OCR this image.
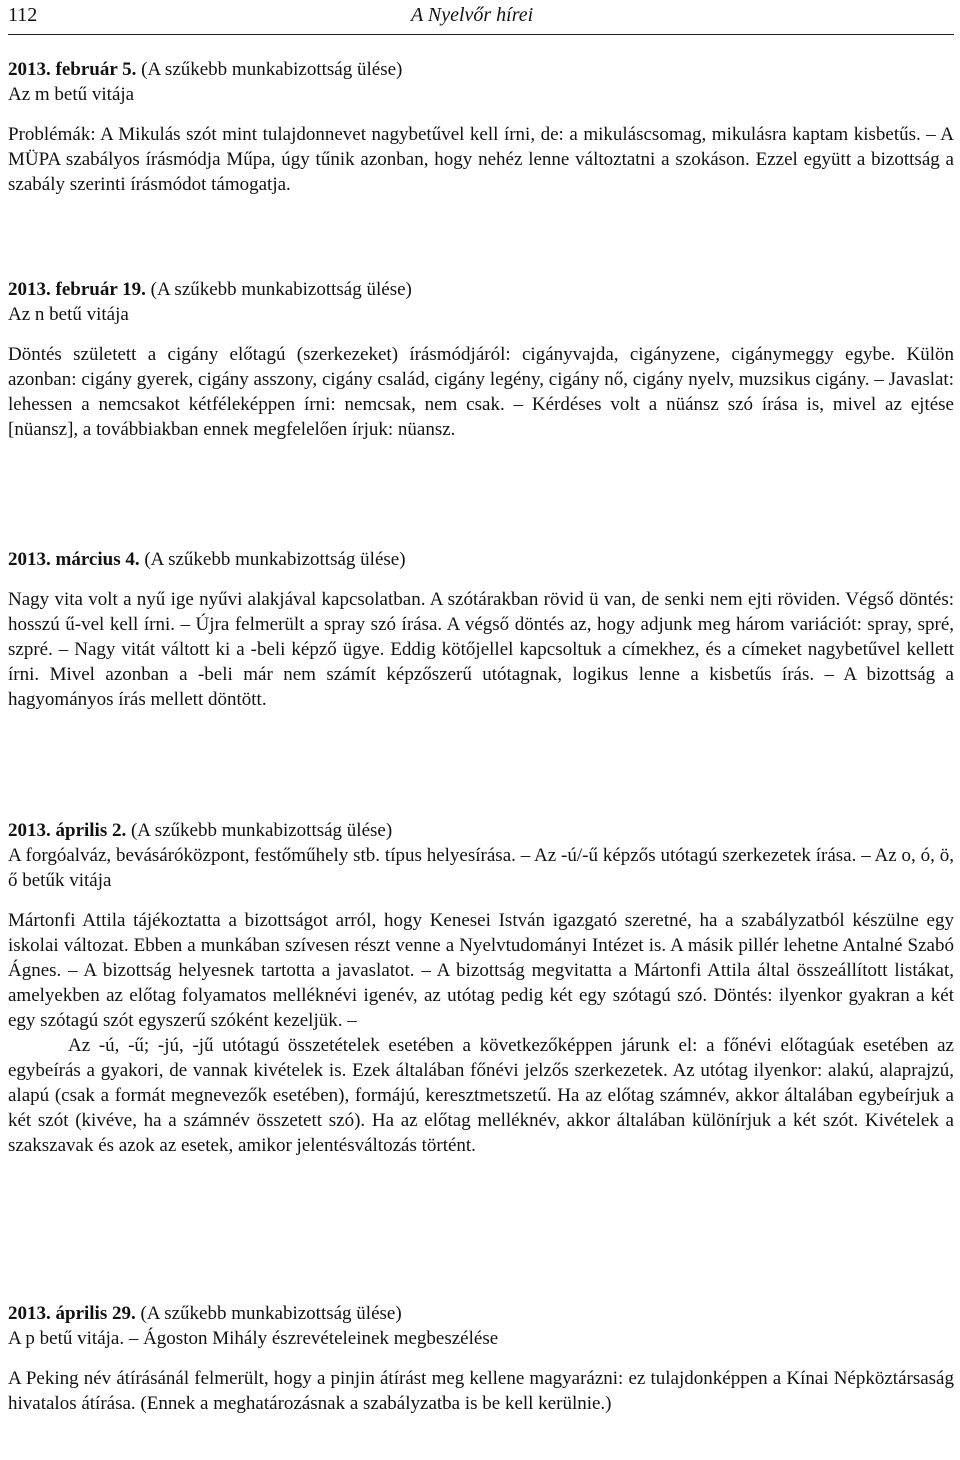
112	A Nyelvőr hírei
2013. február 5. (A szűkebb munkabizottság ülése)
Az m betű vitája

Problémák: A Mikulás szót mint tulajdonnevet nagybetűvel kell írni, de: a mikuláscsomag, mikulásra kaptam kisbetűs. – A MÜPA szabályos írásmódja Műpa, úgy tűnik azonban, hogy nehéz lenne változtatni a szokáson. Ezzel együtt a bizottság a szabály szerinti írásmódot támogatja.

2013. február 19. (A szűkebb munkabizottság ülése)
Az n betű vitája

Döntés született a cigány előtagú (szerkezeket) írásmódjáról: cigányvajda, cigányzene, cigánymeggy egybe. Külön azonban: cigány gyerek, cigány asszony, cigány család, cigány legény, cigány nő, cigány nyelv, muzsikus cigány. – Javaslat: lehessen a nemcsakot kétféleképpen írni: nemcsak, nem csak. – Kérdéses volt a nüánsz szó írása is, mivel az ejtése [nüansz], a továbbiakban ennek megfelelően írjuk: nüansz.

2013. március 4. (A szűkebb munkabizottság ülése)

Nagy vita volt a nyű ige nyűvi alakjával kapcsolatban. A szótárakban rövid ü van, de senki nem ejti röviden. Végső döntés: hosszú ű-vel kell írni. – Újra felmerült a spray szó írása. A végső döntés az, hogy adjunk meg három variációt: spray, spré, szpré. – Nagy vitát váltott ki a -beli képző ügye. Eddig kötőjellel kapcsoltuk a címekhez, és a címeket nagybetűvel kellett írni. Mivel azonban a -beli már nem számít képzőszerű utótagnak, logikus lenne a kisbetűs írás. – A bizottság a hagyományos írás mellett döntött.

2013. április 2. (A szűkebb munkabizottság ülése)

A forgóalváz, bevásáróközpont, festőműhely stb. típus helyesírása. – Az -ú/-ű képzős utótagú szerkezetek írása. – Az o, ó, ö, ő betűk vitája

Mártonfi Attila tájékoztatta a bizottságot arról, hogy Kenesei István igazgató szeretné, ha a szabályzatból készülne egy iskolai változat. Ebben a munkában szívesen részt venne a Nyelvtudományi Intézet is. A másik pillér lehetne Antalné Szabó Ágnes. – A bizottság helyesnek tartotta a javaslatot. – A bizottság megvitatta a Mártonfi Attila által összeállított listákat, amelyekben az előtag folyamatos melléknévi igenév, az utótag pedig két egy szótagú szó. Döntés: ilyenkor gyakran a két egy szótagú szót egyszerű szóként kezeljük. –

Az -ú, -ű; -jú, -jű utótagú összetételek esetében a következőképpen járunk el: a főnévi előtagúak esetében az egybeírás a gyakori, de vannak kivételek is. Ezek általában főnévi jelzős szerkezetek. Az utótag ilyenkor: alakú, alaprajzú, alapú (csak a formát megnevezők esetében), formájú, keresztmetszetű. Ha az előtag számnév, akkor általában egybeírjuk a két szót (kivéve, ha a számnév összetett szó). Ha az előtag melléknév, akkor általában különírjuk a két szót. Kivételek a szakszavak és azok az esetek, amikor jelentésváltozás történt.

2013. április 29. (A szűkebb munkabizottság ülése)
A p betű vitája. – Ágoston Mihály észrevételeinek megbeszélése

A Peking név átírásánál felmerült, hogy a pinjin átírást meg kellene magyarázni: ez tulajdonképpen a Kínai Népköztársaság hivatalos átírása. (Ennek a meghatározásnak a szabályzatba is be kell kerülnie.)
